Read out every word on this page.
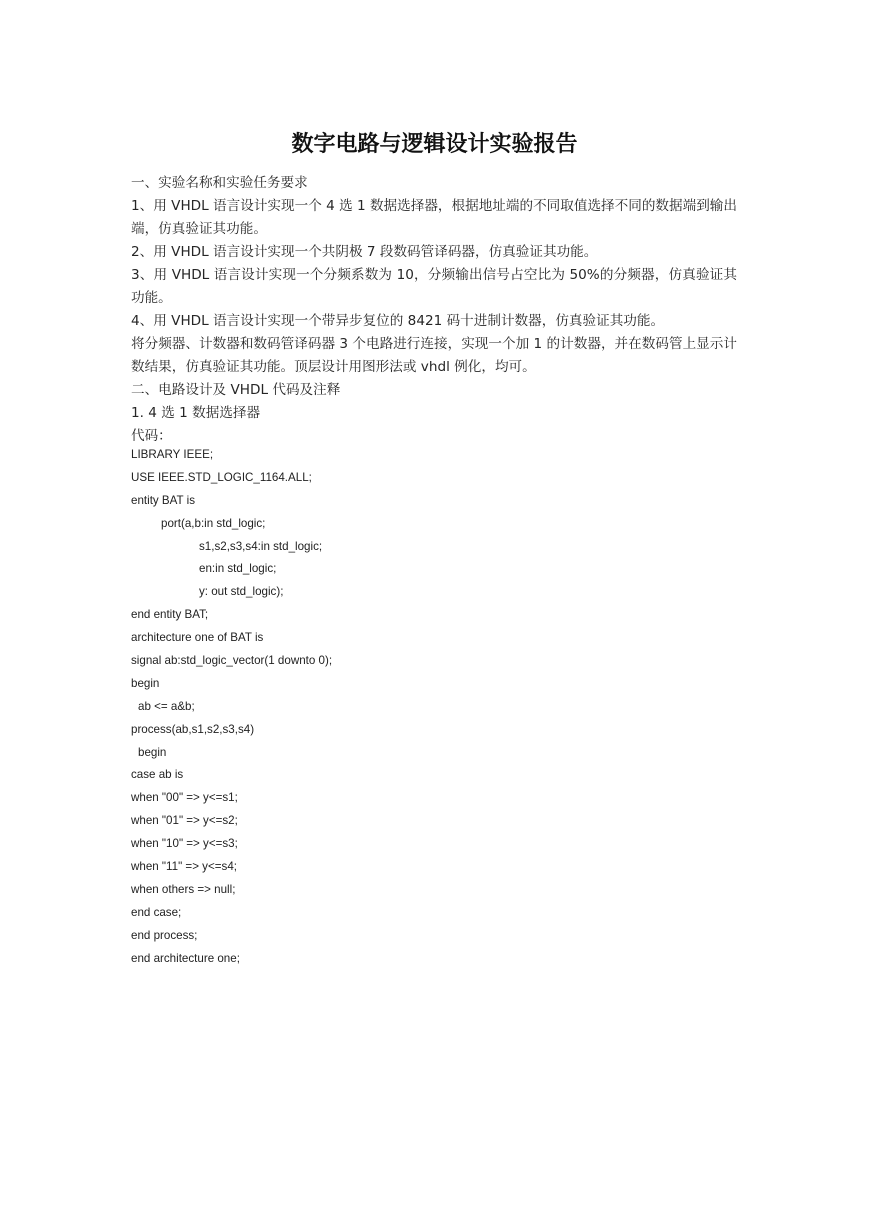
数字电路与逻辑设计实验报告

一、实验名称和实验任务要求

1、用 VHDL 语言设计实现一个 4 选 1 数据选择器，根据地址端的不同取值选择不同的数据端到输出端，仿真验证其功能。

2、用 VHDL 语言设计实现一个共阴极 7 段数码管译码器，仿真验证其功能。

3、用 VHDL 语言设计实现一个分频系数为 10，分频输出信号占空比为 50%的分频器，仿真验证其功能。

4、用 VHDL 语言设计实现一个带异步复位的 8421 码十进制计数器，仿真验证其功能。

将分频器、计数器和数码管译码器 3 个电路进行连接，实现一个加 1 的计数器，并在数码管上显示计数结果，仿真验证其功能。顶层设计用图形法或 vhdl 例化，均可。

二、电路设计及 VHDL 代码及注释

1. 4 选 1 数据选择器

代码：

LIBRARY IEEE;
USE IEEE.STD_LOGIC_1164.ALL;
entity BAT is
port(a,b:in std_logic;
s1,s2,s3,s4:in std_logic;
en:in std_logic;
y: out std_logic);
end entity BAT;
architecture one of BAT is
signal ab:std_logic_vector(1 downto 0);
begin
ab <= a&b;
process(ab,s1,s2,s3,s4)
begin
case ab is
when "00" => y<=s1;
when "01" => y<=s2;
when "10" => y<=s3;
when "11" => y<=s4;
when others => null;
end case;
end process;
end architecture one;
